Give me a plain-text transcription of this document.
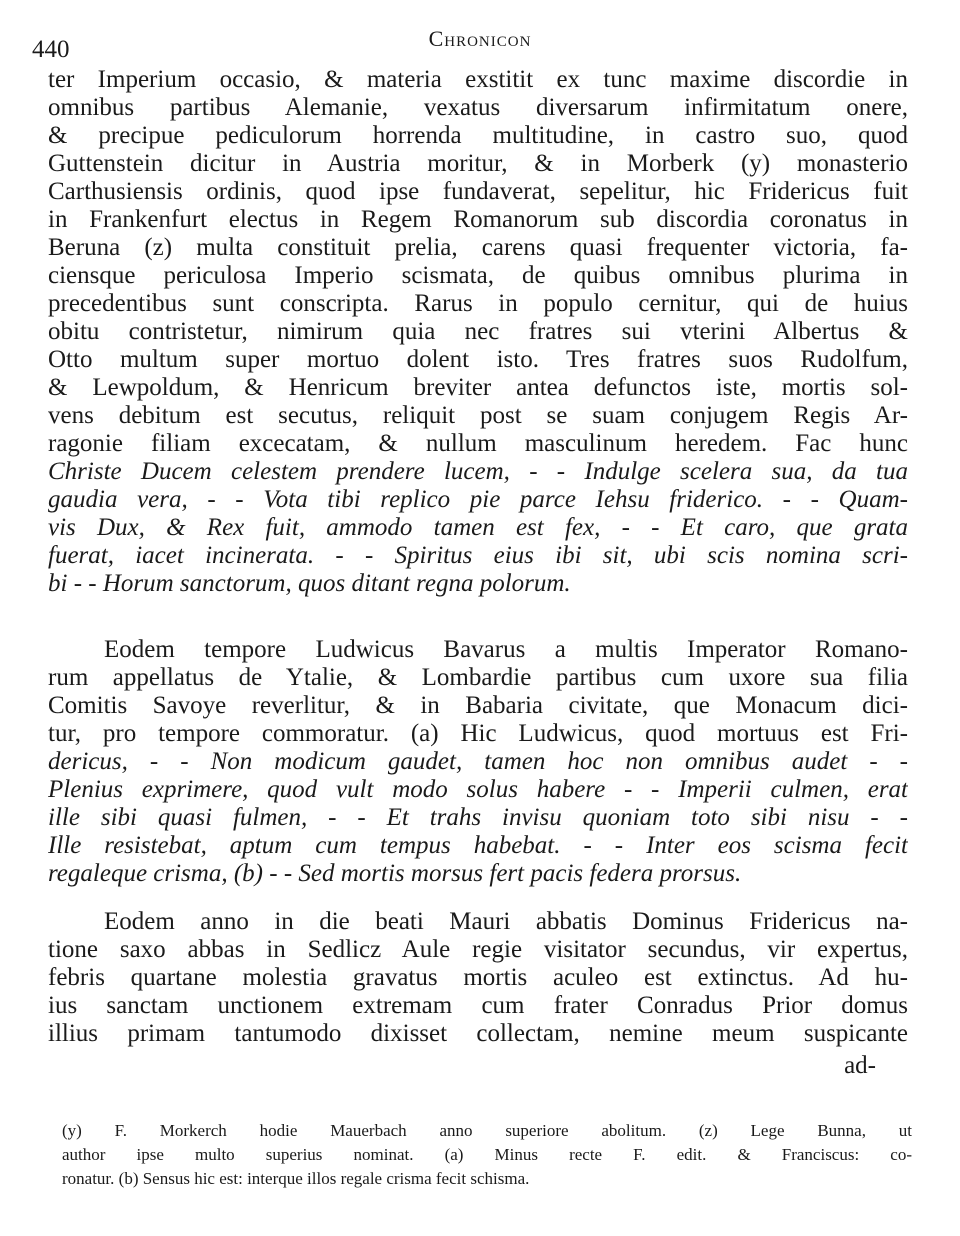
440	Chronicon
ter Imperium occasio, & materia exstitit ex tunc maxime discordie in
omnibus partibus Alemanie, vexatus diversarum infirmitatum onere,
& precipue pediculorum horrenda multitudine, in castro suo, quod
Guttenstein dicitur in Austria moritur, & in Morberk (y) monasterio
Carthusiensis ordinis, quod ipse fundaverat, sepelitur, hic Fridericus fuit
in Frankenfurt electus in Regem Romanorum sub discordia coronatus in
Beruna (z) multa constituit prelia, carens quasi frequenter victoria, fa-
ciensque periculosa Imperio scismata, de quibus omnibus plurima in
precedentibus sunt conscripta. Rarus in populo cernitur, qui de huius
obitu contristetur, nimirum quia nec fratres sui vterini Albertus &
Otto multum super mortuo dolent isto. Tres fratres suos Rudolfum,
& Lewpoldum, & Henricum breviter antea defunctos iste, mortis sol-
vens debitum est secutus, reliquit post se suam conjugem Regis Ar-
ragonie filiam excecatam, & nullum masculinum heredem. Fac hunc
Christe Ducem celestem prendere lucem, - - Indulge scelera sua, da tua
gaudia vera, - - Vota tibi replico pie parce Iehsu friderico. - - Quam-
vis Dux, & Rex fuit, ammodo tamen est fex, - - Et caro, que grata
fuerat, iacet incinerata. - - Spiritus eius ibi sit, ubi scis nomina scri-
bi - - Horum sanctorum, quos ditant regna polorum.
Eodem tempore Ludwicus Bavarus a multis Imperator Romano-
rum appellatus de Ytalie, & Lombardie partibus cum uxore sua filia
Comitis Savoye reverlitur, & in Babaria civitate, que Monacum dici-
tur, pro tempore commoratur. (a) Hic Ludwicus, quod mortuus est Fri-
dericus, - - Non modicum gaudet, tamen hoc non omnibus audet - -
Plenius exprimere, quod vult modo solus habere - - Imperii culmen, erat
ille sibi quasi fulmen, - - Et trahs invisu quoniam toto sibi nisu - -
Ille resistebat, aptum cum tempus habebat. - - Inter eos scisma fecit
regaleque crisma, (b) - - Sed mortis morsus fert pacis federa prorsus.
Eodem anno in die beati Mauri abbatis Dominus Fridericus na-
tione saxo abbas in Sedlicz Aule regie visitator secundus, vir expertus,
febris quartane molestia gravatus mortis aculeo est extinctus. Ad hu-
ius sanctam unctionem extremam cum frater Conradus Prior domus
illius primam tantumodo dixisset collectam, nemine meum suspicante
ad-
(y) F. Morkerch hodie Mauerbach anno superiore abolitum. (z) Lege Bunna, ut
author ipse multo superius nominat. (a) Minus recte F. edit. & Franciscus: co-
ronatur. (b) Sensus hic est: interque illos regale crisma fecit schisma.
